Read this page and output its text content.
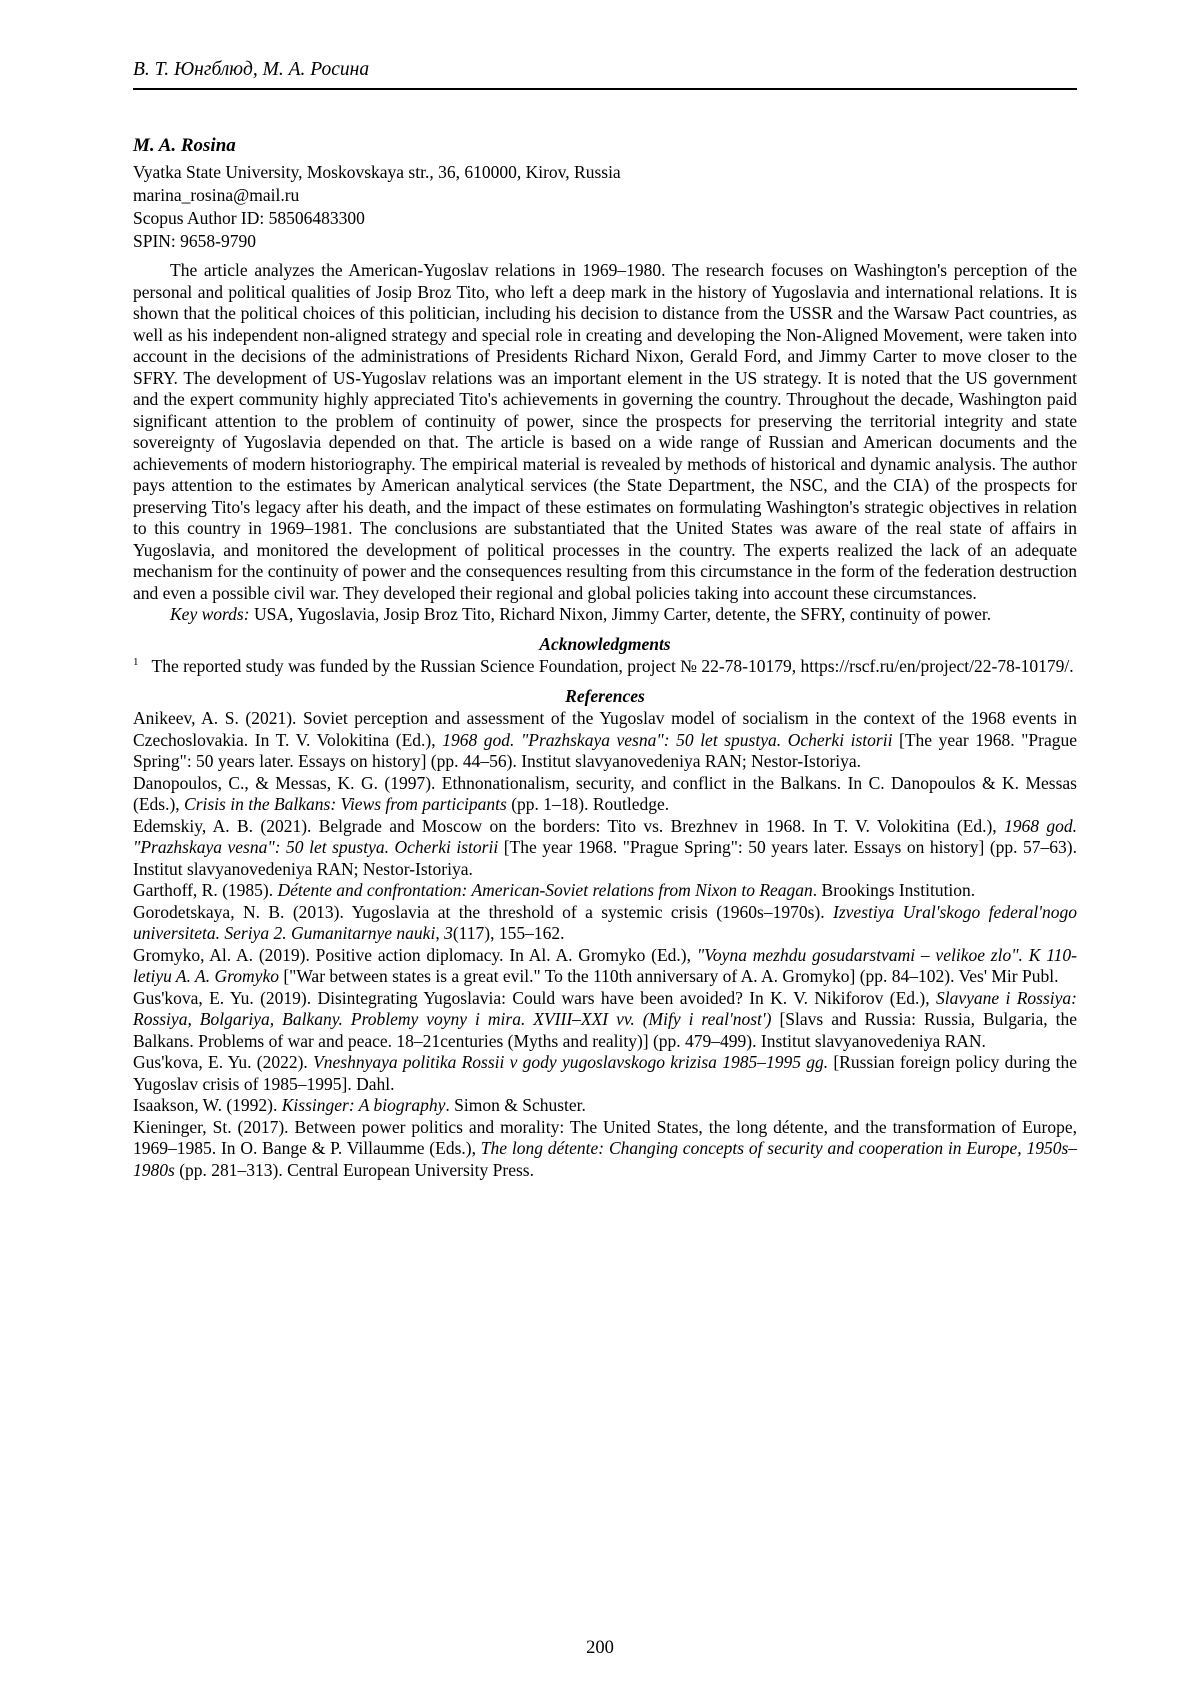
В. Т. Юнгблюд, М. А. Росина

M. A. Rosina

Vyatka State University, Moskovskaya str., 36, 610000, Kirov, Russia

marina_rosina@mail.ru

Scopus Author ID: 58506483300

SPIN: 9658-9790

The article analyzes the American-Yugoslav relations in 1969–1980. The research focuses on Washington's perception of the personal and political qualities of Josip Broz Tito, who left a deep mark in the history of Yugoslavia and international relations. It is shown that the political choices of this politician, including his decision to distance from the USSR and the Warsaw Pact countries, as well as his independent non-aligned strategy and special role in creating and developing the Non-Aligned Movement, were taken into account in the decisions of the administrations of Presidents Richard Nixon, Gerald Ford, and Jimmy Carter to move closer to the SFRY. The development of US-Yugoslav relations was an important element in the US strategy. It is noted that the US government and the expert community highly appreciated Tito's achievements in governing the country. Throughout the decade, Washington paid significant attention to the problem of continuity of power, since the prospects for preserving the territorial integrity and state sovereignty of Yugoslavia depended on that. The article is based on a wide range of Russian and American documents and the achievements of modern historiography. The empirical material is revealed by methods of historical and dynamic analysis. The author pays attention to the estimates by American analytical services (the State Department, the NSC, and the CIA) of the prospects for preserving Tito's legacy after his death, and the impact of these estimates on formulating Washington's strategic objectives in relation to this country in 1969–1981. The conclusions are substantiated that the United States was aware of the real state of affairs in Yugoslavia, and monitored the development of political processes in the country. The experts realized the lack of an adequate mechanism for the continuity of power and the consequences resulting from this circumstance in the form of the federation destruction and even a possible civil war. They developed their regional and global policies taking into account these circumstances.

Key words: USA, Yugoslavia, Josip Broz Tito, Richard Nixon, Jimmy Carter, detente, the SFRY, continuity of power.

Acknowledgments

$^1$ The reported study was funded by the Russian Science Foundation, project № 22-78-10179, https://rscf.ru/en/project/22-78-10179/.

References

Anikeev, A. S. (2021). Soviet perception and assessment of the Yugoslav model of socialism in the context of the 1968 events in Czechoslovakia. In T. V. Volokitina (Ed.), 1968 god. "Prazhskaya vesna": 50 let spustya. Ocherki istorii [The year 1968. "Prague Spring": 50 years later. Essays on history] (pp. 44–56). Institut slavyanovedeniya RAN; Nestor-Istoriya.

Danopoulos, C., & Messas, K. G. (1997). Ethnonationalism, security, and conflict in the Balkans. In C. Danopoulos & K. Messas (Eds.), Crisis in the Balkans: Views from participants (pp. 1–18). Routledge.

Edemskiy, A. B. (2021). Belgrade and Moscow on the borders: Tito vs. Brezhnev in 1968. In T. V. Volokitina (Ed.), 1968 god. "Prazhskaya vesna": 50 let spustya. Ocherki istorii [The year 1968. "Prague Spring": 50 years later. Essays on history] (pp. 57–63). Institut slavyanovedeniya RAN; Nestor-Istoriya.

Garthoff, R. (1985). Détente and confrontation: American-Soviet relations from Nixon to Reagan. Brookings Institution.

Gorodetskaya, N. B. (2013). Yugoslavia at the threshold of a systemic crisis (1960s–1970s). Izvestiya Ural'skogo federal'nogo universiteta. Seriya 2. Gumanitarnye nauki, 3(117), 155–162.

Gromyko, Al. A. (2019). Positive action diplomacy. In Al. A. Gromyko (Ed.), "Voyna mezhdu gosudarstvami – velikoe zlo". K 110-letiyu A. A. Gromyko ["War between states is a great evil." To the 110th anniversary of A. A. Gromyko] (pp. 84–102). Ves' Mir Publ.

Gus'kova, E. Yu. (2019). Disintegrating Yugoslavia: Could wars have been avoided? In K. V. Nikiforov (Ed.), Slavyane i Rossiya: Rossiya, Bolgariya, Balkany. Problemy voyny i mira. XVIII–XXI vv. (Mify i real'nost') [Slavs and Russia: Russia, Bulgaria, the Balkans. Problems of war and peace. 18–21centuries (Myths and reality)] (pp. 479–499). Institut slavyanovedeniya RAN.

Gus'kova, E. Yu. (2022). Vneshnyaya politika Rossii v gody yugoslavskogo krizisa 1985–1995 gg. [Russian foreign policy during the Yugoslav crisis of 1985–1995]. Dahl.

Isaakson, W. (1992). Kissinger: A biography. Simon & Schuster.

Kieninger, St. (2017). Between power politics and morality: The United States, the long détente, and the transformation of Europe, 1969–1985. In O. Bange & P. Villaumme (Eds.), The long détente: Changing concepts of security and cooperation in Europe, 1950s–1980s (pp. 281–313). Central European University Press.

200
